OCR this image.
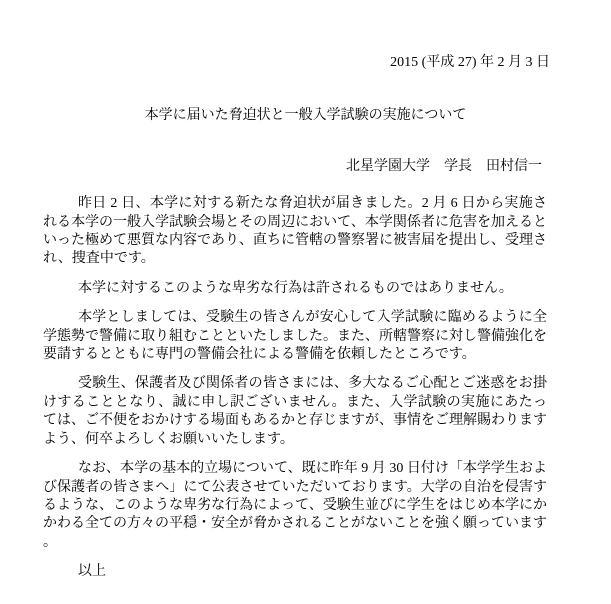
2015 (平成 27) 年 2 月 3 日
本学に届いた脅迫状と一般入学試験の実施について
北星学園大学　学長　田村信一

昨日 2 日、本学に対する新たな脅迫状が届きました。2 月 6 日から実施される本学の一般入学試験会場とその周辺において、本学関係者に危害を加えるといった極めて悪質な内容であり、直ちに管轄の警察署に被害届を提出し、受理され、捜査中です。

本学に対するこのような卑劣な行為は許されるものではありません。

本学としましては、受験生の皆さんが安心して入学試験に臨めるように全学態勢で警備に取り組むことといたしました。また、所轄警察に対し警備強化を要請するとともに専門の警備会社による警備を依頼したところです。

受験生、保護者及び関係者の皆さまには、多大なるご心配とご迷惑をお掛けすることとなり、誠に申し訳ございません。また、入学試験の実施にあたっては、ご不便をおかけする場面もあるかと存じますが、事情をご理解賜わりますよう、何卒よろしくお願いいたします。

なお、本学の基本的立場について、既に昨年 9 月 30 日付け「本学学生および保護者の皆さまへ」にて公表させていただいております。大学の自治を侵害するような、このような卑劣な行為によって、受験生並びに学生をはじめ本学にかかわる全ての方々の平穏・安全が脅かされることがないことを強く願っています。

以上
